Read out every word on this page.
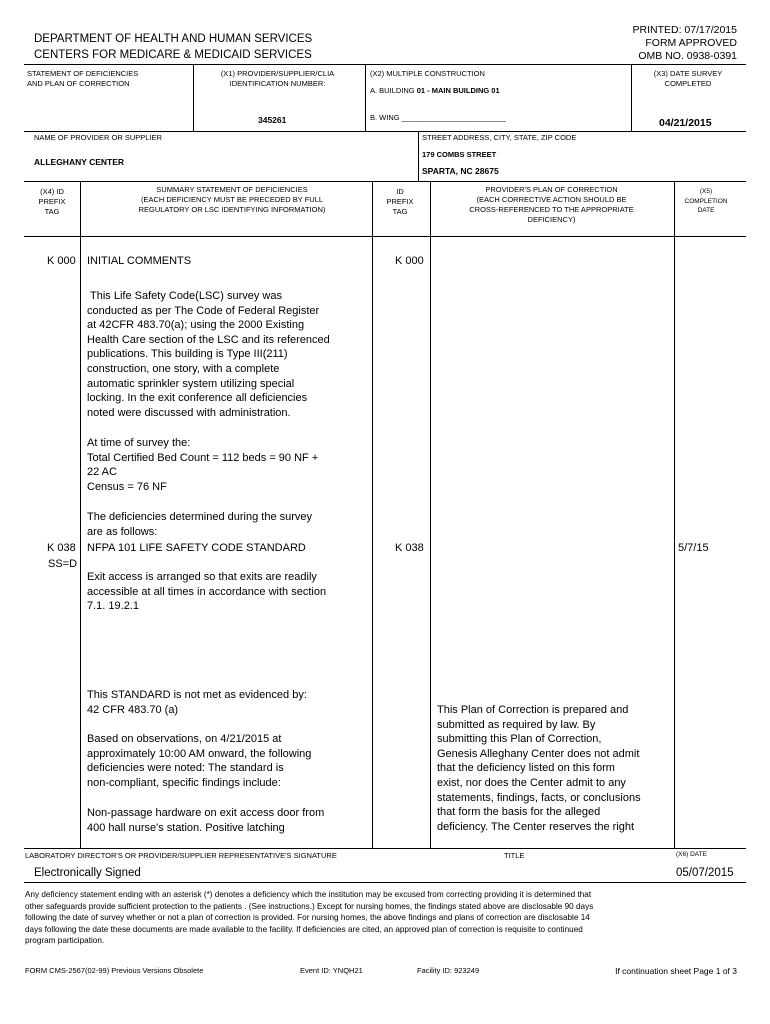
DEPARTMENT OF HEALTH AND HUMAN SERVICES
CENTERS FOR MEDICARE & MEDICAID SERVICES
PRINTED: 07/17/2015
FORM APPROVED
OMB NO. 0938-0391
STATEMENT OF DEFICIENCIES
AND PLAN OF CORRECTION
(X1) PROVIDER/SUPPLIER/CLIA
IDENTIFICATION NUMBER:
345261
(X2) MULTIPLE CONSTRUCTION
A. BUILDING 01 - MAIN BUILDING 01
B. WING _________________________
(X3) DATE SURVEY
COMPLETED
04/21/2015
NAME OF PROVIDER OR SUPPLIER
ALLEGHANY CENTER
STREET ADDRESS, CITY, STATE, ZIP CODE
179 COMBS STREET
SPARTA, NC 28675
(X4) ID
PREFIX
TAG
SUMMARY STATEMENT OF DEFICIENCIES
(EACH DEFICIENCY MUST BE PRECEDED BY FULL
REGULATORY OR LSC IDENTIFYING INFORMATION)
ID
PREFIX
TAG
PROVIDER'S PLAN OF CORRECTION
(EACH CORRECTIVE ACTION SHOULD BE
CROSS-REFERENCED TO THE APPROPRIATE
DEFICIENCY)
(X5)
COMPLETION
DATE
K 000 INITIAL COMMENTS	K 000
This Life Safety Code(LSC) survey was
conducted as per The Code of Federal Register
at 42CFR 483.70(a); using the 2000 Existing
Health Care section of the LSC and its referenced
publications. This building is Type III(211)
construction, one story, with a complete
automatic sprinkler system utilizing special
locking. In the exit conference all deficiencies
noted were discussed with administration.
At time of survey the:
Total Certified Bed Count = 112 beds = 90 NF +
22 AC
Census = 76 NF
The deficiencies determined during the survey
are as follows:
K 038
SS=D
NFPA 101 LIFE SAFETY CODE STANDARD	K 038	5/7/15
Exit access is arranged so that exits are readily
accessible at all times in accordance with section
7.1. 19.2.1
This STANDARD is not met as evidenced by:
42 CFR 483.70 (a)
Based on observations, on 4/21/2015 at
approximately 10:00 AM onward, the following
deficiencies were noted: The standard is
non-compliant, specific findings include:
Non-passage hardware on exit access door from
400 hall nurse's station. Positive latching
This Plan of Correction is prepared and
submitted as required by law. By
submitting this Plan of Correction,
Genesis Alleghany Center does not admit
that the deficiency listed on this form
exist, nor does the Center admit to any
statements, findings, facts, or conclusions
that form the basis for the alleged
deficiency. The Center reserves the right
LABORATORY DIRECTOR'S OR PROVIDER/SUPPLIER REPRESENTATIVE'S SIGNATURE	TITLE	(X6) DATE
Electronically Signed	05/07/2015
Any deficiency statement ending with an asterisk (*) denotes a deficiency which the institution may be excused from correcting providing it is determined that
other safeguards provide sufficient protection to the patients . (See instructions.) Except for nursing homes, the findings stated above are disclosable 90 days
following the date of survey whether or not a plan of correction is provided. For nursing homes, the above findings and plans of correction are disclosable 14
days following the date these documents are made available to the facility. If deficiencies are cited, an approved plan of correction is requisite to continued
program participation.
FORM CMS-2567(02-99) Previous Versions Obsolete	Event ID: YNQH21	Facility ID: 923249	If continuation sheet Page 1 of 3
